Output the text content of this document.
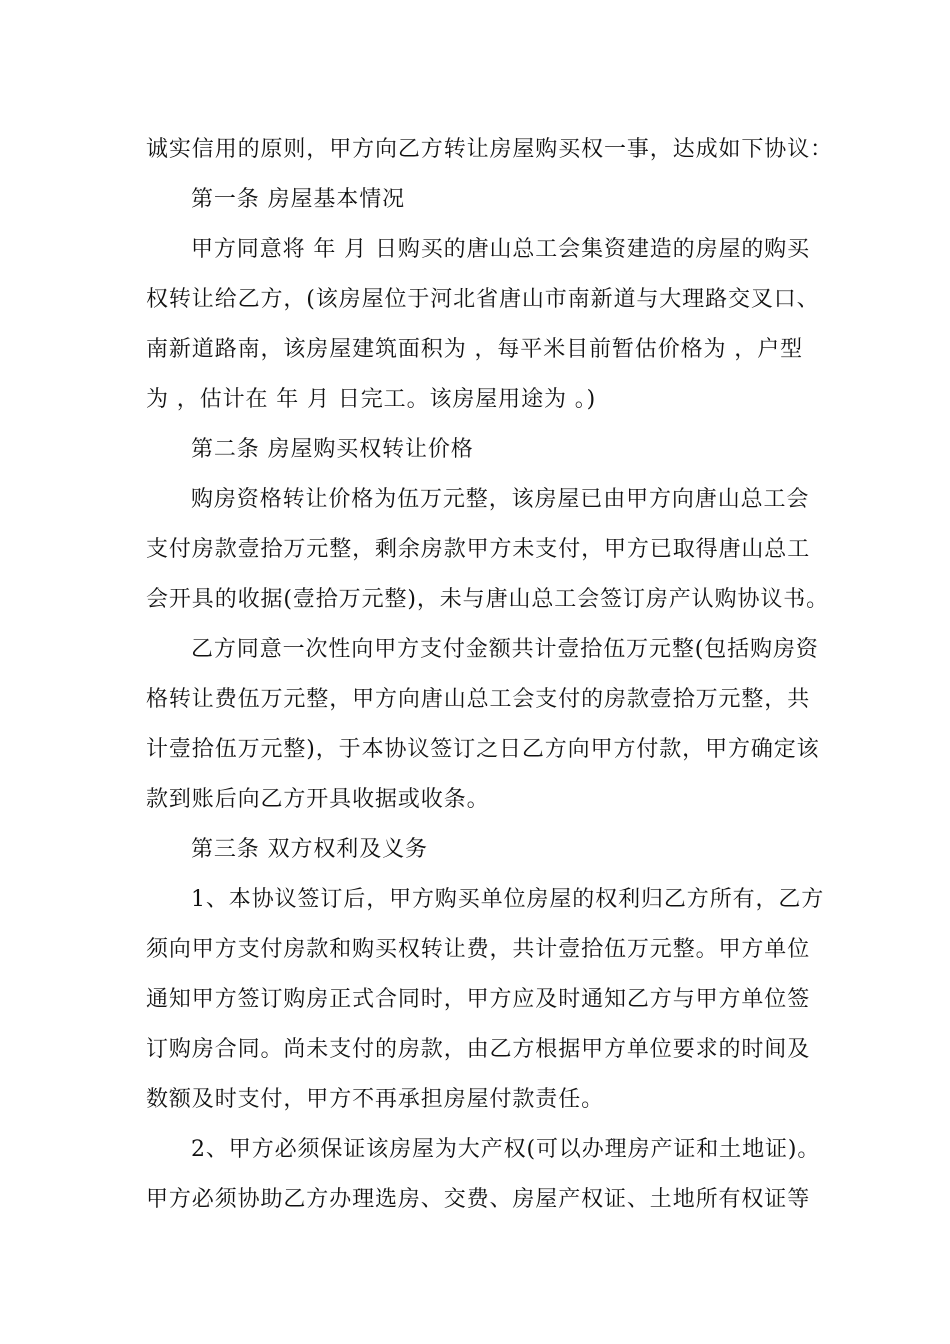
诚实信用的原则，甲方向乙方转让房屋购买权一事，达成如下协议：
第一条 房屋基本情况
甲方同意将 年 月 日购买的唐山总工会集资建造的房屋的购买
权转让给乙方，(该房屋位于河北省唐山市南新道与大理路交叉口、
南新道路南，该房屋建筑面积为 ，每平米目前暂估价格为 ，户型
为 ，估计在 年 月 日完工。该房屋用途为 。)
第二条 房屋购买权转让价格
购房资格转让价格为伍万元整，该房屋已由甲方向唐山总工会
支付房款壹拾万元整，剩余房款甲方未支付，甲方已取得唐山总工
会开具的收据(壹拾万元整)，未与唐山总工会签订房产认购协议书。
乙方同意一次性向甲方支付金额共计壹拾伍万元整(包括购房资
格转让费伍万元整，甲方向唐山总工会支付的房款壹拾万元整，共
计壹拾伍万元整)，于本协议签订之日乙方向甲方付款，甲方确定该
款到账后向乙方开具收据或收条。
第三条 双方权利及义务
1、本协议签订后，甲方购买单位房屋的权利归乙方所有，乙方
须向甲方支付房款和购买权转让费，共计壹拾伍万元整。甲方单位
通知甲方签订购房正式合同时，甲方应及时通知乙方与甲方单位签
订购房合同。尚未支付的房款，由乙方根据甲方单位要求的时间及
数额及时支付，甲方不再承担房屋付款责任。
2、甲方必须保证该房屋为大产权(可以办理房产证和土地证)。
甲方必须协助乙方办理选房、交费、房屋产权证、土地所有权证等
